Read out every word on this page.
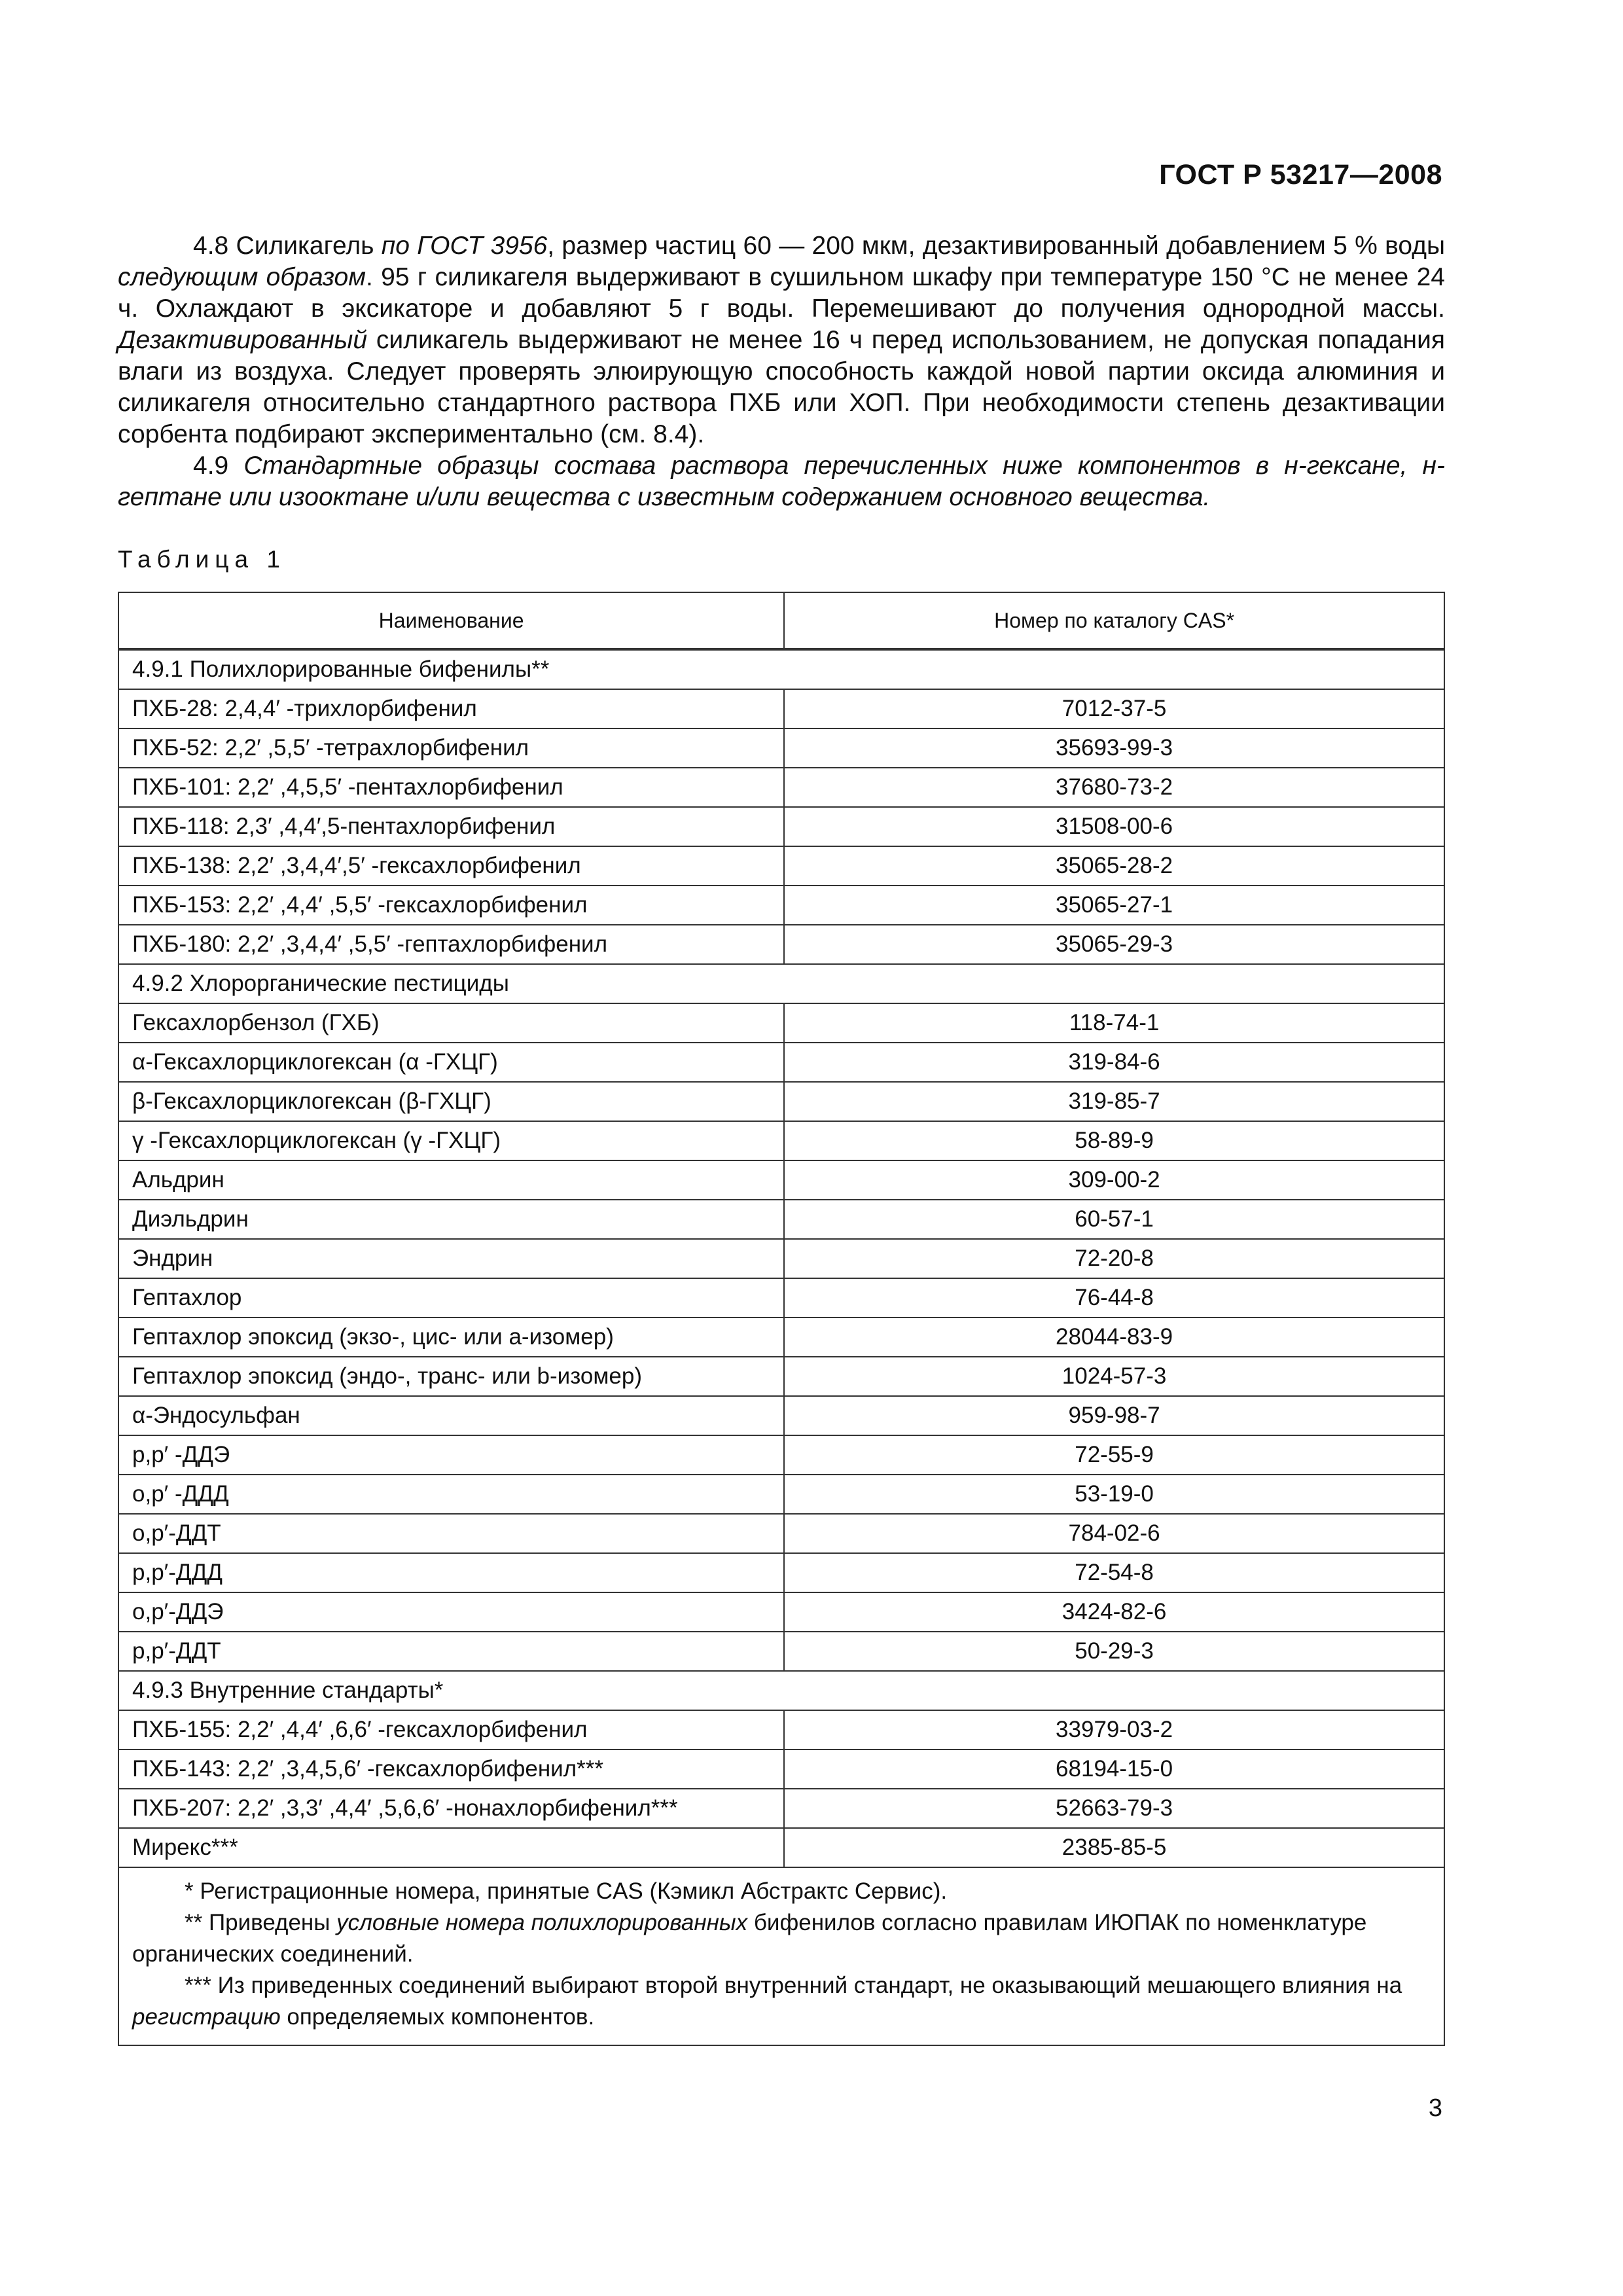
ГОСТ Р 53217—2008

4.8 Силикагель по ГОСТ 3956, размер частиц 60 — 200 мкм, дезактивированный добавлением 5 % воды следующим образом. 95 г силикагеля выдерживают в сушильном шкафу при температуре 150 °С не менее 24 ч. Охлаждают в эксикаторе и добавляют 5 г воды. Перемешивают до получения однородной массы. Дезактивированный силикагель выдерживают не менее 16 ч перед использованием, не допуская попадания влаги из воздуха. Следует проверять элюирующую способность каждой новой партии оксида алюминия и силикагеля относительно стандартного раствора ПХБ или ХОП. При необходимости степень дезактивации сорбента подбирают экспериментально (см. 8.4).

4.9 Стандартные образцы состава раствора перечисленных ниже компонентов в н-гексане, н-гептане или изооктане и/или вещества с известным содержанием основного вещества.

Таблица 1
Наименование	Номер по каталогу CAS*
4.9.1 Полихлорированные бифенилы**	
ПХБ-28: 2,4,4′ -трихлорбифенил	7012-37-5
ПХБ-52: 2,2′ ,5,5′ -тетрахлорбифенил	35693-99-3
ПХБ-101: 2,2′ ,4,5,5′ -пентахлорбифенил	37680-73-2
ПХБ-118: 2,3′ ,4,4′,5-пентахлорбифенил	31508-00-6
ПХБ-138: 2,2′ ,3,4,4′,5′ -гексахлорбифенил	35065-28-2
ПХБ-153: 2,2′ ,4,4′ ,5,5′ -гексахлорбифенил	35065-27-1
ПХБ-180: 2,2′ ,3,4,4′ ,5,5′ -гептахлорбифенил	35065-29-3
4.9.2 Хлорорганические пестициды	
Гексахлорбензол (ГХБ)	118-74-1
α-Гексахлорциклогексан (α -ГХЦГ)	319-84-6
β-Гексахлорциклогексан (β-ГХЦГ)	319-85-7
γ -Гексахлорциклогексан (γ -ГХЦГ)	58-89-9
Альдрин	309-00-2
Диэльдрин	60-57-1
Эндрин	72-20-8
Гептахлор	76-44-8
Гептахлор эпоксид (экзо-, цис- или a-изомер)	28044-83-9
Гептахлор эпоксид (эндо-, транс- или b-изомер)	1024-57-3
α-Эндосульфан	959-98-7
p,p′ -ДДЭ	72-55-9
o,p′ -ДДД	53-19-0
o,p′-ДДТ	784-02-6
p,p′-ДДД	72-54-8
o,p′-ДДЭ	3424-82-6
p,p′-ДДТ	50-29-3
4.9.3 Внутренние стандарты*	
ПХБ-155: 2,2′ ,4,4′ ,6,6′ -гексахлорбифенил	33979-03-2
ПХБ-143: 2,2′ ,3,4,5,6′ -гексахлорбифенил***	68194-15-0
ПХБ-207: 2,2′ ,3,3′ ,4,4′ ,5,6,6′ -нонахлорбифенил***	52663-79-3
Мирекс***	2385-85-5

* Регистрационные номера, принятые CAS (Кэмикл Абстрактс Сервис).

** Приведены условные номера полихлорированных бифенилов согласно правилам ИЮПАК по номенклатуре органических соединений.

*** Из приведенных соединений выбирают второй внутренний стандарт, не оказывающий мешающего влияния на регистрацию определяемых компонентов.	

3
